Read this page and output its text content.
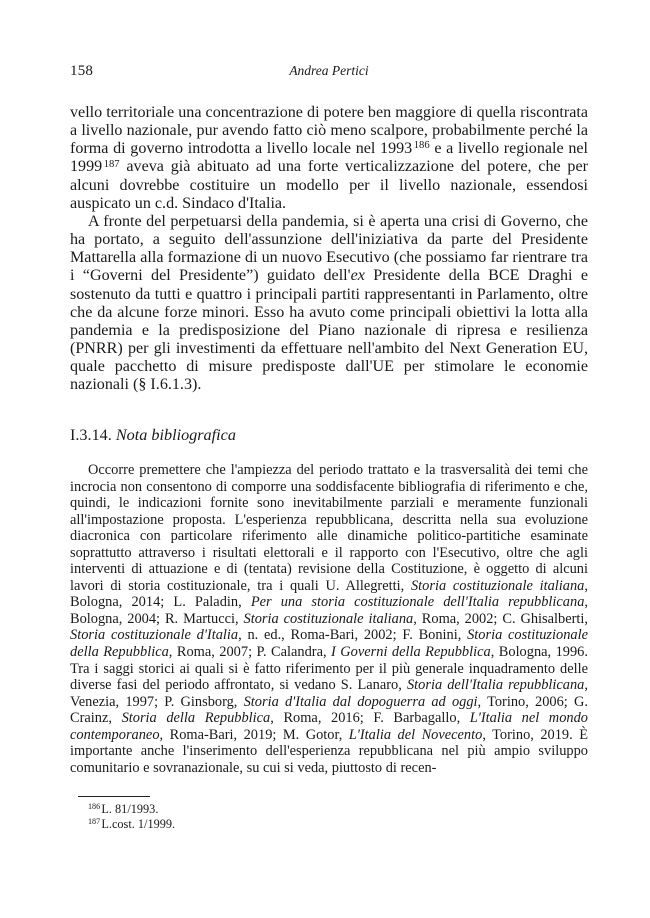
158	Andrea Pertici

vello territoriale una concentrazione di potere ben maggiore di quella riscontrata a livello nazionale, pur avendo fatto ciò meno scalpore, probabilmente perché la forma di governo introdotta a livello locale nel 1993 $^{186}$ e a livello regionale nel 1999 $^{187}$ aveva già abituato ad una forte verticalizzazione del potere, che per alcuni dovrebbe costituire un modello per il livello nazionale, essendosi auspicato un c.d. Sindaco d'Italia.

A fronte del perpetuarsi della pandemia, si è aperta una crisi di Governo, che ha portato, a seguito dell'assunzione dell'iniziativa da parte del Presidente Mattarella alla formazione di un nuovo Esecutivo (che possiamo far rientrare tra i “Governi del Presidente”) guidato dell'ex Presidente della BCE Draghi e sostenuto da tutti e quattro i principali partiti rappresentanti in Parlamento, oltre che da alcune forze minori. Esso ha avuto come principali obiettivi la lotta alla pandemia e la predisposizione del Piano nazionale di ripresa e resilienza (PNRR) per gli investimenti da effettuare nell'ambito del Next Generation EU, quale pacchetto di misure predisposte dall'UE per stimolare le economie nazionali (§ I.6.1.3).

I.3.14. Nota bibliografica

Occorre premettere che l'ampiezza del periodo trattato e la trasversalità dei temi che incrocia non consentono di comporre una soddisfacente bibliografia di riferimento e che, quindi, le indicazioni fornite sono inevitabilmente parziali e meramente funzionali all'impostazione proposta. L'esperienza repubblicana, descritta nella sua evoluzione diacronica con particolare riferimento alle dinamiche politico-partitiche esaminate soprattutto attraverso i risultati elettorali e il rapporto con l'Esecutivo, oltre che agli interventi di attuazione e di (tentata) revisione della Costituzione, è oggetto di alcuni lavori di storia costituzionale, tra i quali U. Allegretti, Storia costituzionale italiana, Bologna, 2014; L. Paladin, Per una storia costituzionale dell'Italia repubblicana, Bologna, 2004; R. Martucci, Storia costituzionale italiana, Roma, 2002; C. Ghisalberti, Storia costituzionale d'Italia, n. ed., Roma-Bari, 2002; F. Bonini, Storia costituzionale della Repubblica, Roma, 2007; P. Calandra, I Governi della Repubblica, Bologna, 1996. Tra i saggi storici ai quali si è fatto riferimento per il più generale inquadramento delle diverse fasi del periodo affrontato, si vedano S. Lanaro, Storia dell'Italia repubblicana, Venezia, 1997; P. Ginsborg, Storia d'Italia dal dopoguerra ad oggi, Torino, 2006; G. Crainz, Storia della Repubblica, Roma, 2016; F. Barbagallo, L'Italia nel mondo contemporaneo, Roma-Bari, 2019; M. Gotor, L'Italia del Novecento, Torino, 2019. È importante anche l'inserimento dell'esperienza repubblicana nel più ampio sviluppo comunitario e sovranazionale, su cui si veda, piuttosto di recen-

$^{186}$L. 81/1993.

$^{187}$L.cost. 1/1999.
